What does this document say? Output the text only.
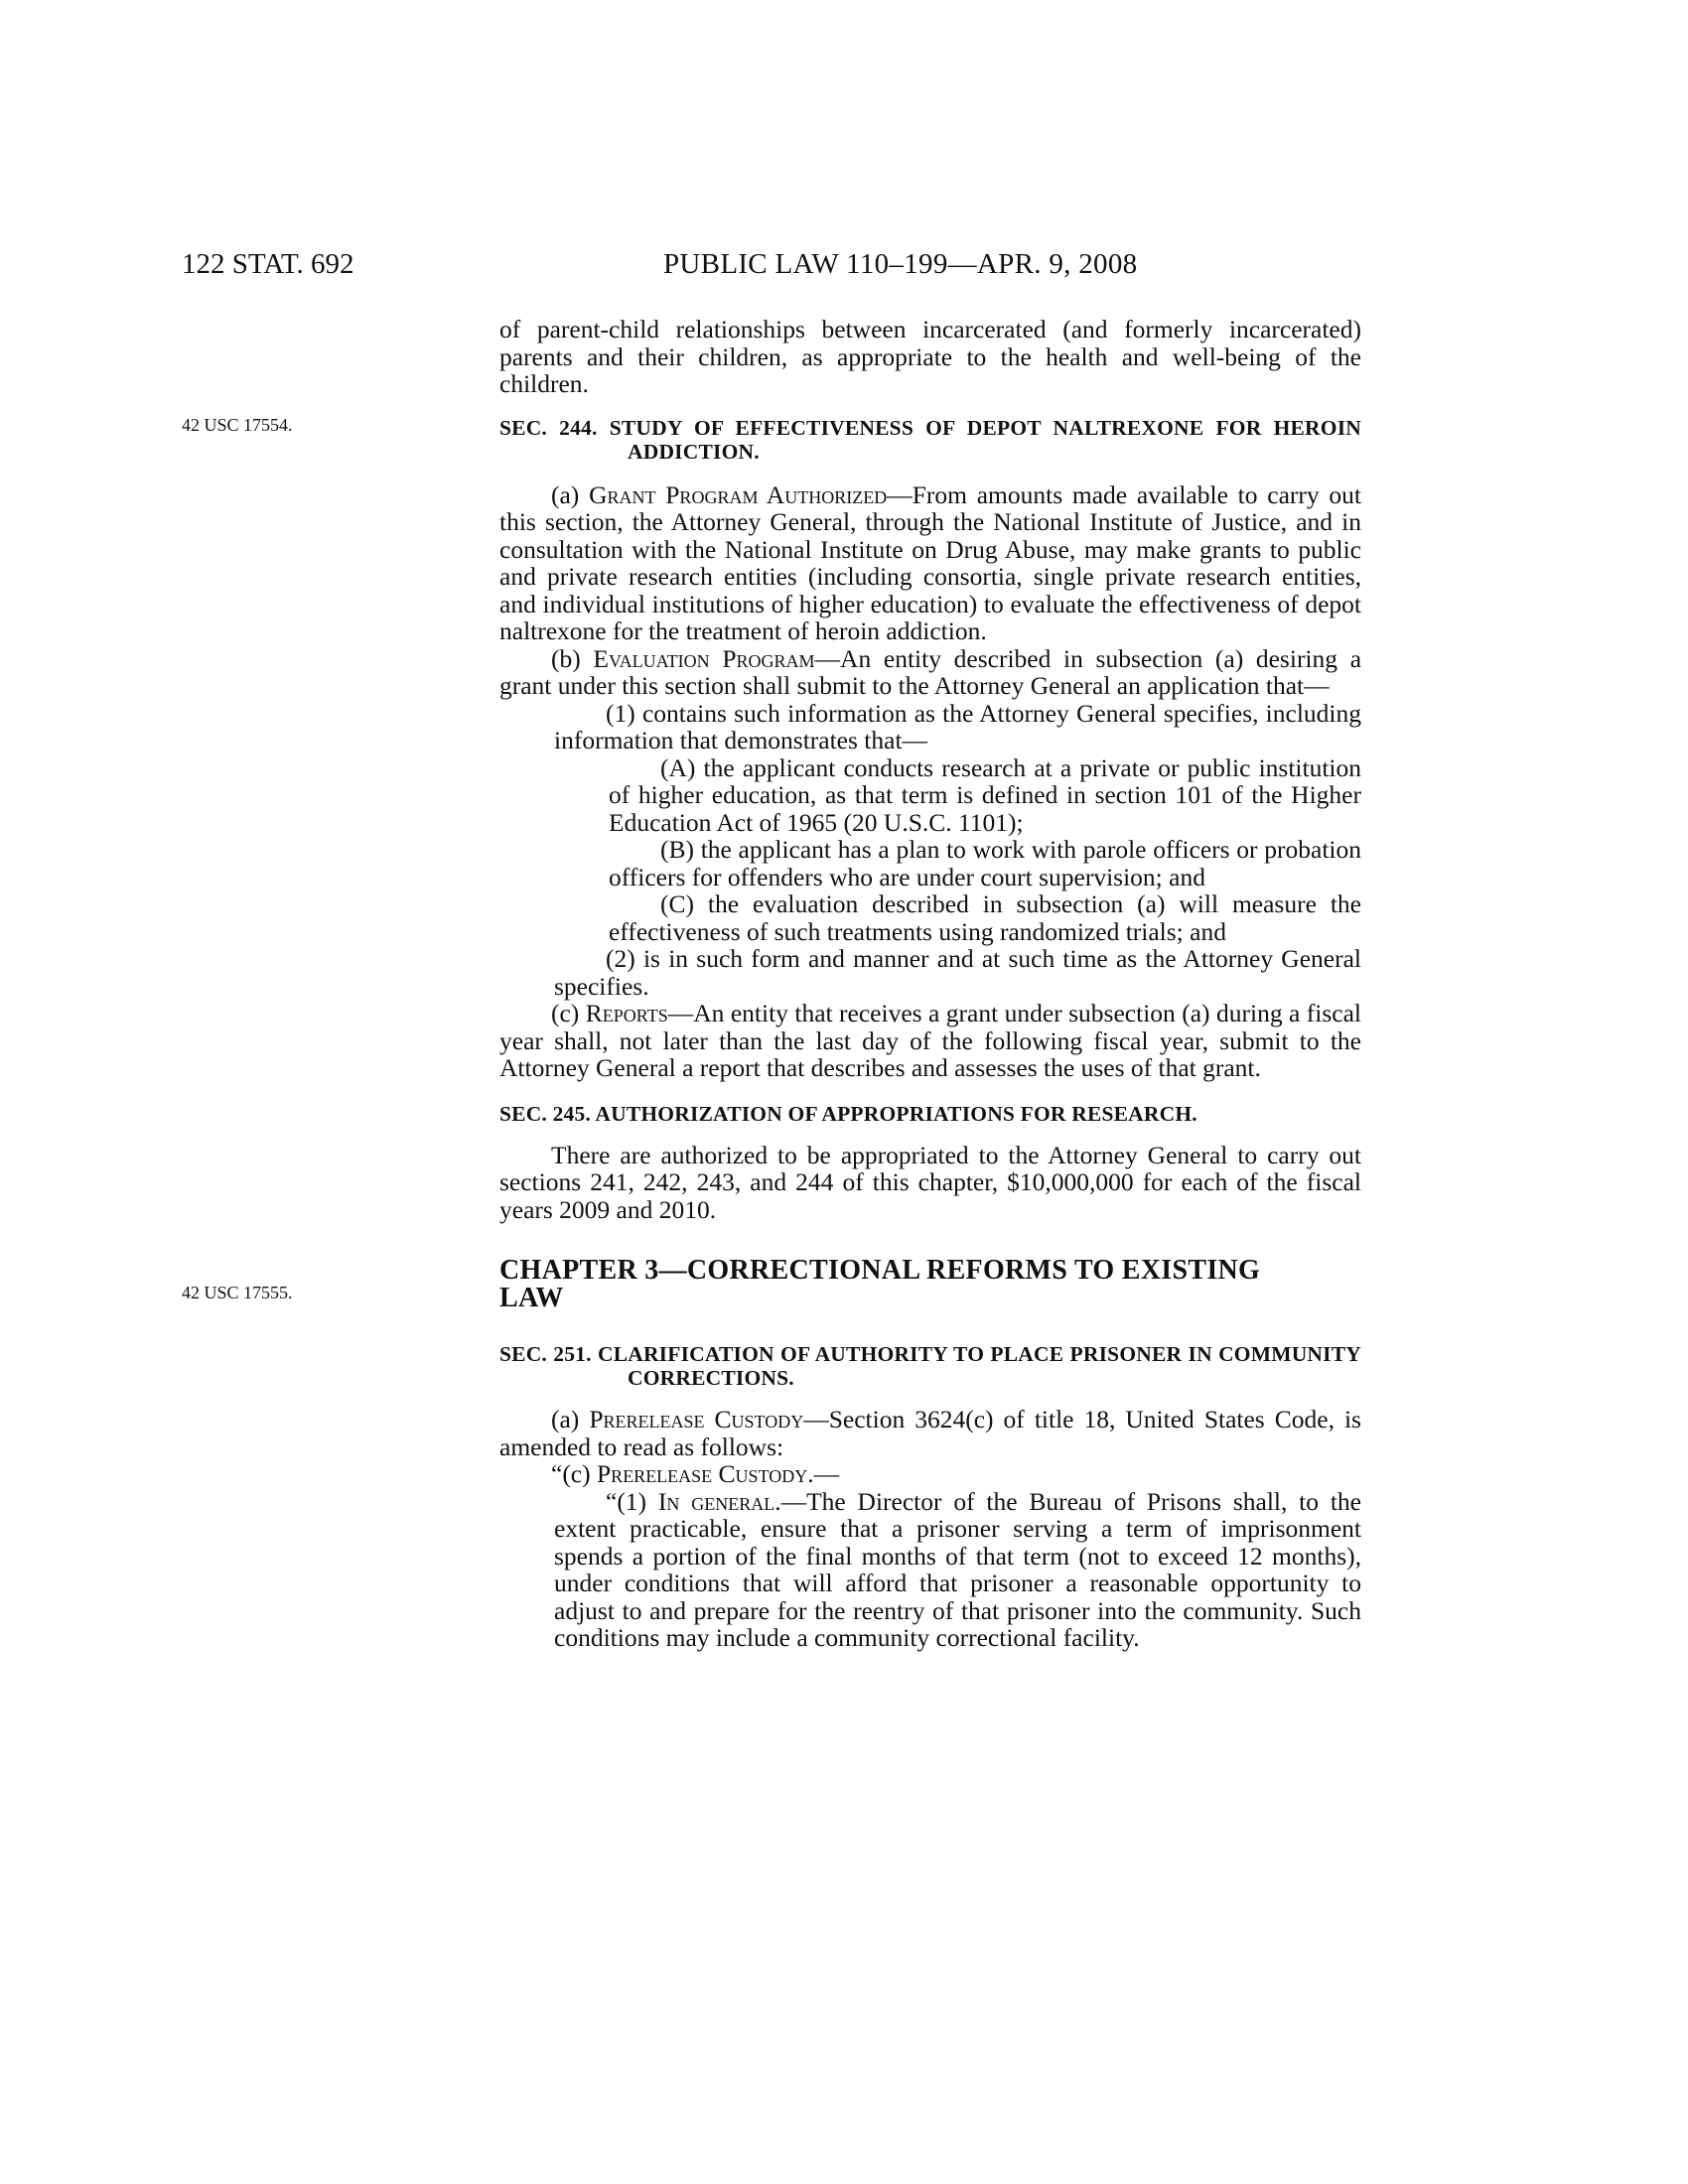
122 STAT. 692	PUBLIC LAW 110–199—APR. 9, 2008
42 USC 17554.
42 USC 17555.

of parent-child relationships between incarcerated (and formerly incarcerated) parents and their children, as appropriate to the health and well-being of the children.

SEC. 244. STUDY OF EFFECTIVENESS OF DEPOT NALTREXONE FOR HEROIN ADDICTION.

(a) Grant Program Authorized—From amounts made available to carry out this section, the Attorney General, through the National Institute of Justice, and in consultation with the National Institute on Drug Abuse, may make grants to public and private research entities (including consortia, single private research entities, and individual institutions of higher education) to evaluate the effectiveness of depot naltrexone for the treatment of heroin addiction.

(b) Evaluation Program—An entity described in subsection (a) desiring a grant under this section shall submit to the Attorney General an application that—

(1) contains such information as the Attorney General specifies, including information that demonstrates that—

(A) the applicant conducts research at a private or public institution of higher education, as that term is defined in section 101 of the Higher Education Act of 1965 (20 U.S.C. 1101);

(B) the applicant has a plan to work with parole officers or probation officers for offenders who are under court supervision; and

(C) the evaluation described in subsection (a) will measure the effectiveness of such treatments using randomized trials; and

(2) is in such form and manner and at such time as the Attorney General specifies.

(c) Reports—An entity that receives a grant under subsection (a) during a fiscal year shall, not later than the last day of the following fiscal year, submit to the Attorney General a report that describes and assesses the uses of that grant.

SEC. 245. AUTHORIZATION OF APPROPRIATIONS FOR RESEARCH.

There are authorized to be appropriated to the Attorney General to carry out sections 241, 242, 243, and 244 of this chapter, $10,000,000 for each of the fiscal years 2009 and 2010.

CHAPTER 3—CORRECTIONAL REFORMS TO EXISTING
LAW

SEC. 251. CLARIFICATION OF AUTHORITY TO PLACE PRISONER IN COMMUNITY CORRECTIONS.

(a) Prerelease Custody—Section 3624(c) of title 18, United States Code, is amended to read as follows:

“(c) Prerelease Custody.—

“(1) In general.—The Director of the Bureau of Prisons shall, to the extent practicable, ensure that a prisoner serving a term of imprisonment spends a portion of the final months of that term (not to exceed 12 months), under conditions that will afford that prisoner a reasonable opportunity to adjust to and prepare for the reentry of that prisoner into the community. Such conditions may include a community correctional facility.
